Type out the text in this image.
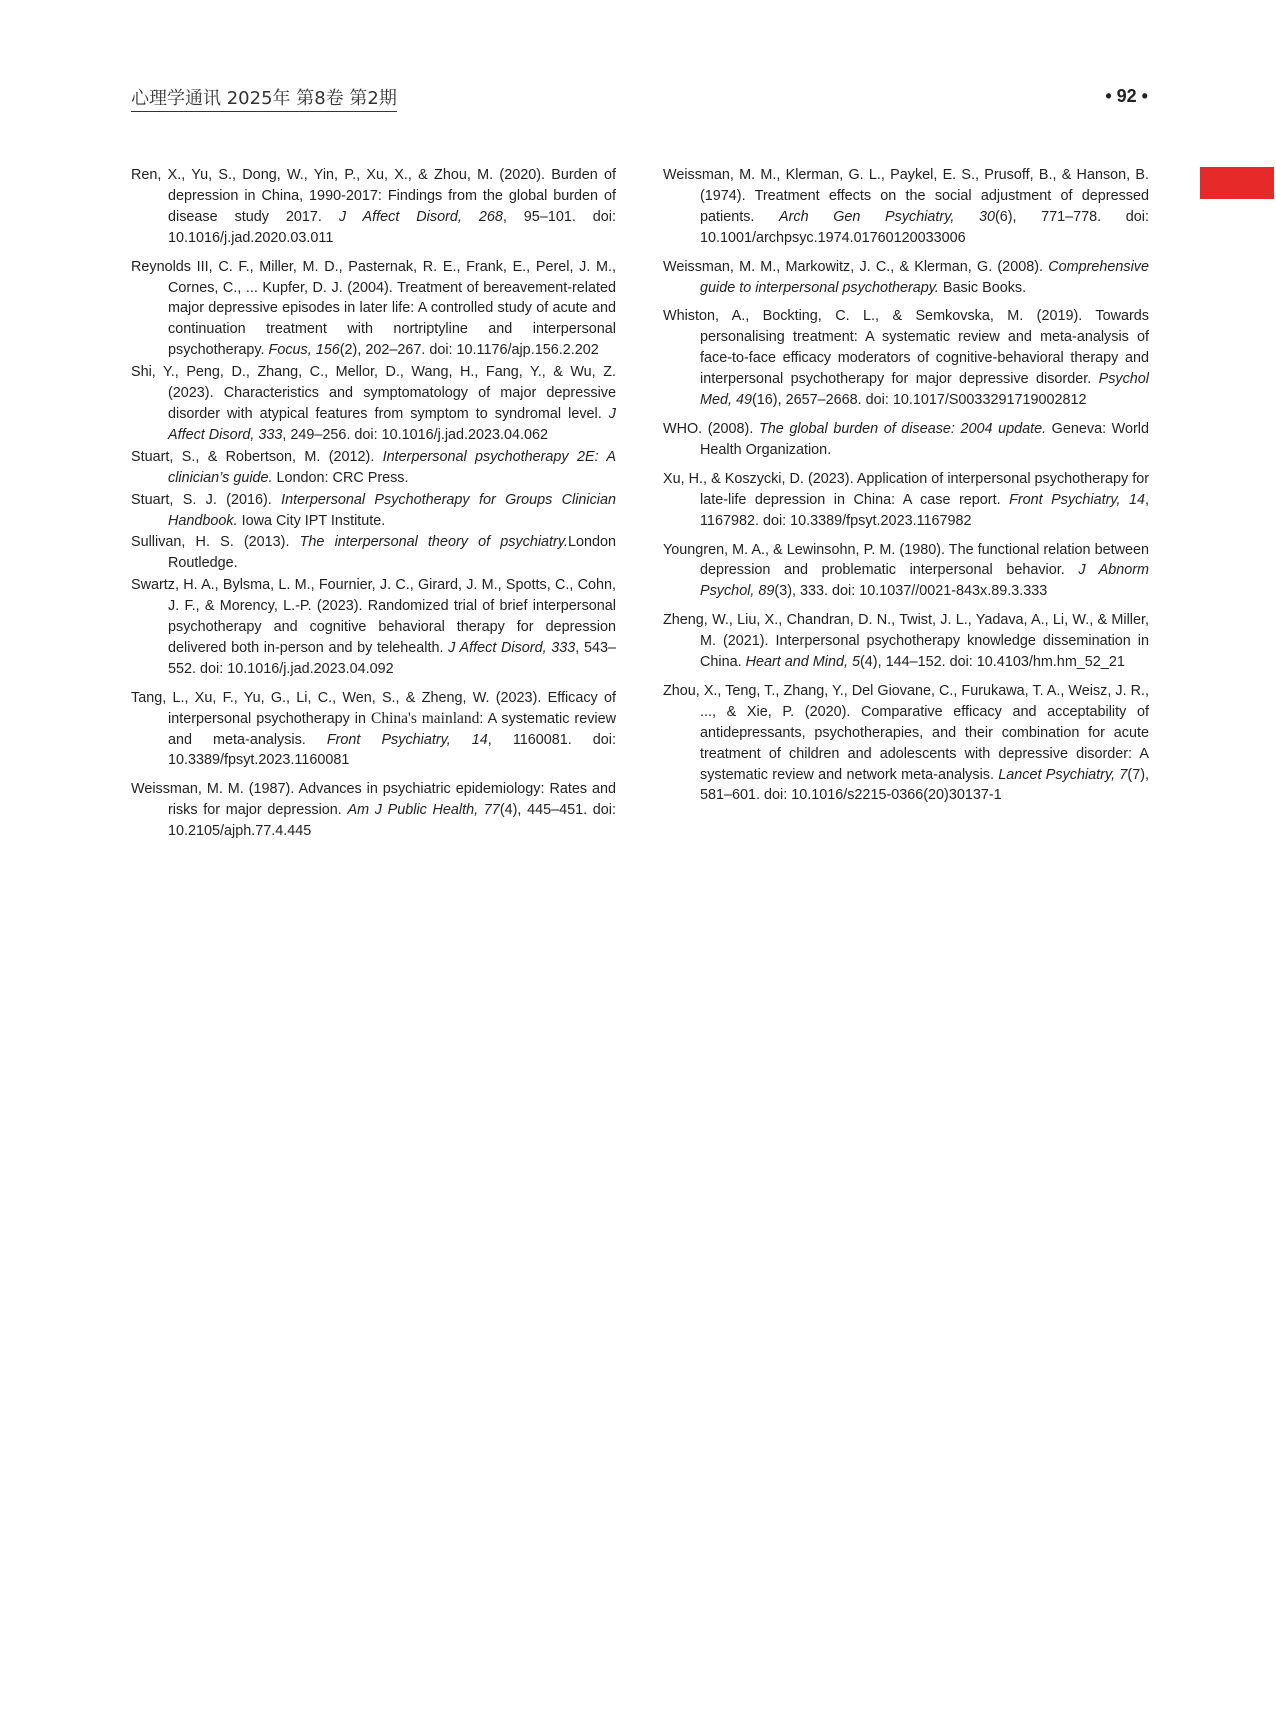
心理学通讯 2025年 第8卷 第2期	• 92 •

Ren, X., Yu, S., Dong, W., Yin, P., Xu, X., & Zhou, M. (2020). Burden of depression in China, 1990-2017: Findings from the global burden of disease study 2017. J Affect Disord, 268, 95–101. doi: 10.1016/j.jad.2020.03.011

Reynolds III, C. F., Miller, M. D., Pasternak, R. E., Frank, E., Perel, J. M., Cornes, C., ... Kupfer, D. J. (2004). Treatment of bereavement-related major depressive episodes in later life: A controlled study of acute and continuation treatment with nortriptyline and interpersonal psychotherapy. Focus, 156(2), 202–267. doi: 10.1176/ajp.156.2.202

Shi, Y., Peng, D., Zhang, C., Mellor, D., Wang, H., Fang, Y., & Wu, Z. (2023). Characteristics and symptomatology of major depressive disorder with atypical features from symptom to syndromal level. J Affect Disord, 333, 249–256. doi: 10.1016/j.jad.2023.04.062

Stuart, S., & Robertson, M. (2012). Interpersonal psychotherapy 2E: A clinician’s guide. London: CRC Press.

Stuart, S. J. (2016). Interpersonal Psychotherapy for Groups Clinician Handbook. Iowa City IPT Institute.

Sullivan, H. S. (2013). The interpersonal theory of psychiatry.London Routledge.

Swartz, H. A., Bylsma, L. M., Fournier, J. C., Girard, J. M., Spotts, C., Cohn, J. F., & Morency, L.-P. (2023). Randomized trial of brief interpersonal psychotherapy and cognitive behavioral therapy for depression delivered both in-person and by telehealth. J Affect Disord, 333, 543–552. doi: 10.1016/j.jad.2023.04.092

Tang, L., Xu, F., Yu, G., Li, C., Wen, S., & Zheng, W. (2023). Efficacy of interpersonal psychotherapy in China's mainland: A systematic review and meta-analysis. Front Psychiatry, 14, 1160081. doi: 10.3389/fpsyt.2023.1160081

Weissman, M. M. (1987). Advances in psychiatric epidemiology: Rates and risks for major depression. Am J Public Health, 77(4), 445–451. doi: 10.2105/ajph.77.4.445

Weissman, M. M., Klerman, G. L., Paykel, E. S., Prusoff, B., & Hanson, B. (1974). Treatment effects on the social adjustment of depressed patients. Arch Gen Psychiatry, 30(6), 771–778. doi: 10.1001/archpsyc.1974.01760120033006

Weissman, M. M., Markowitz, J. C., & Klerman, G. (2008). Comprehensive guide to interpersonal psychotherapy. Basic Books.

Whiston, A., Bockting, C. L., & Semkovska, M. (2019). Towards personalising treatment: A systematic review and meta-analysis of face-to-face efficacy moderators of cognitive-behavioral therapy and interpersonal psychotherapy for major depressive disorder. Psychol Med, 49(16), 2657–2668. doi: 10.1017/S0033291719002812

WHO. (2008). The global burden of disease: 2004 update. Geneva: World Health Organization.

Xu, H., & Koszycki, D. (2023). Application of interpersonal psychotherapy for late-life depression in China: A case report. Front Psychiatry, 14, 1167982. doi: 10.3389/fpsyt.2023.1167982

Youngren, M. A., & Lewinsohn, P. M. (1980). The functional relation between depression and problematic interpersonal behavior. J Abnorm Psychol, 89(3), 333. doi: 10.1037//0021-843x.89.3.333

Zheng, W., Liu, X., Chandran, D. N., Twist, J. L., Yadava, A., Li, W., & Miller, M. (2021). Interpersonal psychotherapy knowledge dissemination in China. Heart and Mind, 5(4), 144–152. doi: 10.4103/hm.hm_52_21

Zhou, X., Teng, T., Zhang, Y., Del Giovane, C., Furukawa, T. A., Weisz, J. R., ..., & Xie, P. (2020). Comparative efficacy and acceptability of antidepressants, psychotherapies, and their combination for acute treatment of children and adolescents with depressive disorder: A systematic review and network meta-analysis. Lancet Psychiatry, 7(7), 581–601. doi: 10.1016/s2215-0366(20)30137-1
